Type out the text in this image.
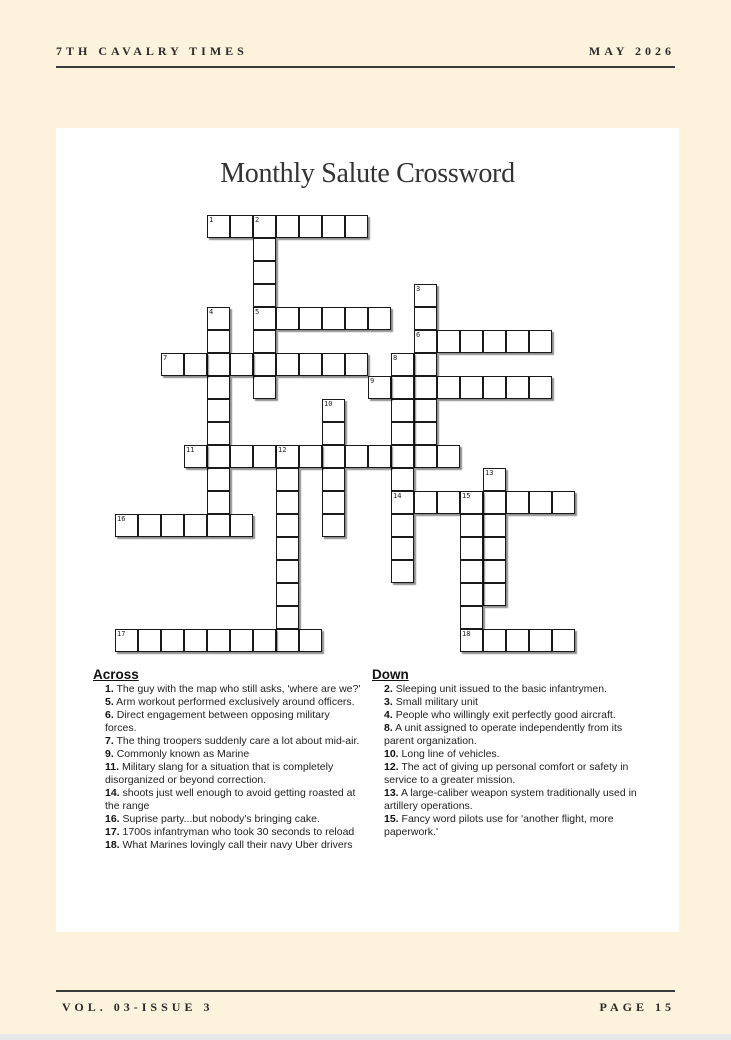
7TH CAVALRY TIMES	MAY 2026
Monthly Salute Crossword
Across
1. The guy with the map who still asks, 'where are we?'
5. Arm workout performed exclusively around officers.
6. Direct engagement between opposing military forces.
7. The thing troopers suddenly care a lot about mid-air.
9. Commonly known as Marine
11. Military slang for a situation that is completely disorganized or beyond correction.
14. shoots just well enough to avoid getting roasted at the range
16. Suprise party...but nobody's bringing cake.
17. 1700s infantryman who took 30 seconds to reload
18. What Marines lovingly call their navy Uber drivers
Down
2. Sleeping unit issued to the basic infantrymen.
3. Small military unit
4. People who willingly exit perfectly good aircraft.
8. A unit assigned to operate independently from its parent organization.
10. Long line of vehicles.
12. The act of giving up personal comfort or safety in service to a greater mission.
13. A large-caliber weapon system traditionally used in artillery operations.
15. Fancy word pilots use for 'another flight, more paperwork.'
1	2
3
4	5
6
7	8
9
10
11	12
13
14	15
16
17	18
VOL. 03-ISSUE 3	PAGE 15
